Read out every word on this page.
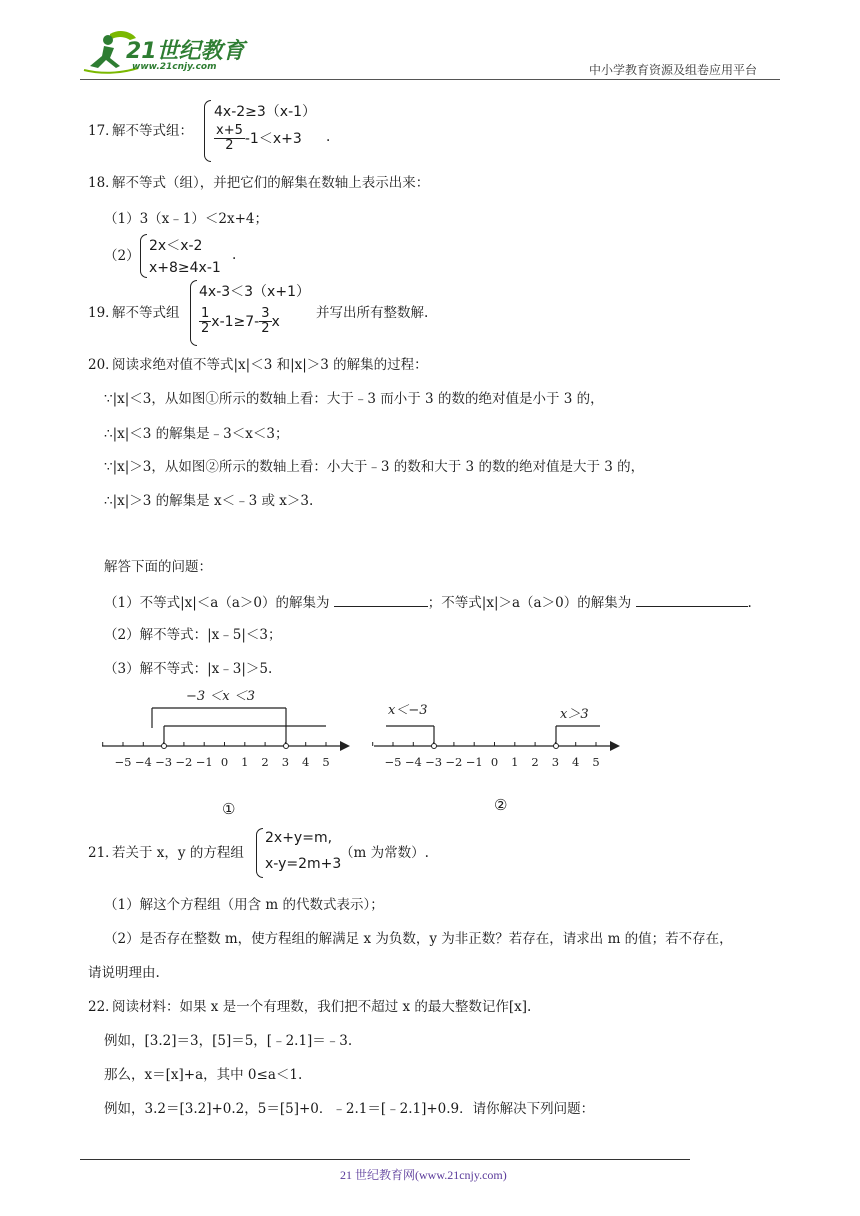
21世纪教育
www.21cnjy.com	中小学教育资源及组卷应用平台
17．
解不等式组：
4x-2≥3（x-1）
$\frac{x+5}{2} -1<x+3$ .
18．
解不等式（组），并把它们的解集在数轴上表示出来：
（1）3（x﹣1）＜2x+4；
（2）
2x＜x-2
x+8≥4x-1
.
19．
解不等式组
4x-3＜3（x+1）
$\frac{1}{2} x-1\ge 7- \frac{3}{2}$ x
并写出所有整数解.
20．
阅读求绝对值不等式|x|＜3 和|x|＞3 的解集的过程：
∵|x|＜3，从如图①所示的数轴上看：大于﹣3 而小于 3 的数的绝对值是小于 3 的，
∴|x|＜3 的解集是﹣3＜x＜3；
∵|x|＞3，从如图②所示的数轴上看：小大于﹣3 的数和大于 3 的数的绝对值是大于 3 的，
∴|x|＞3 的解集是 x＜﹣3 或 x＞3.
解答下面的问题：
（1）不等式|x|＜a（a＞0）的解集为	；不等式|x|＞a（a＞0）的解集为	.
（2）解不等式：|x﹣5|＜3；
（3）解不等式：|x﹣3|＞5.
−3 ＜x ＜3
−5 −4 −3 −2 −1 0 1 2 3 4 5
①
x＜−3	x＞3
−5 −4 −3 −2 −1 0 1 2 3 4 5
②
21．
若关于 x，y 的方程组
2x+y=m,
x-y=2m+3
（m 为常数）.
（1）解这个方程组（用含 m 的代数式表示）；
（2）是否存在整数 m，使方程组的解满足 x 为负数，y 为非正数？若存在，请求出 m 的值；若不存在，
请说明理由.
22．
阅读材料：如果 x 是一个有理数，我们把不超过 x 的最大整数记作[x].
例如，[3.2]＝3，[5]＝5，[﹣2.1]＝﹣3.
那么，x＝[x]+a，其中 0≤a＜1.
例如，3.2＝[3.2]+0.2，5＝[5]+0．﹣2.1＝[﹣2.1]+0.9．请你解决下列问题：
21 世纪教育网(www.21cnjy.com)
